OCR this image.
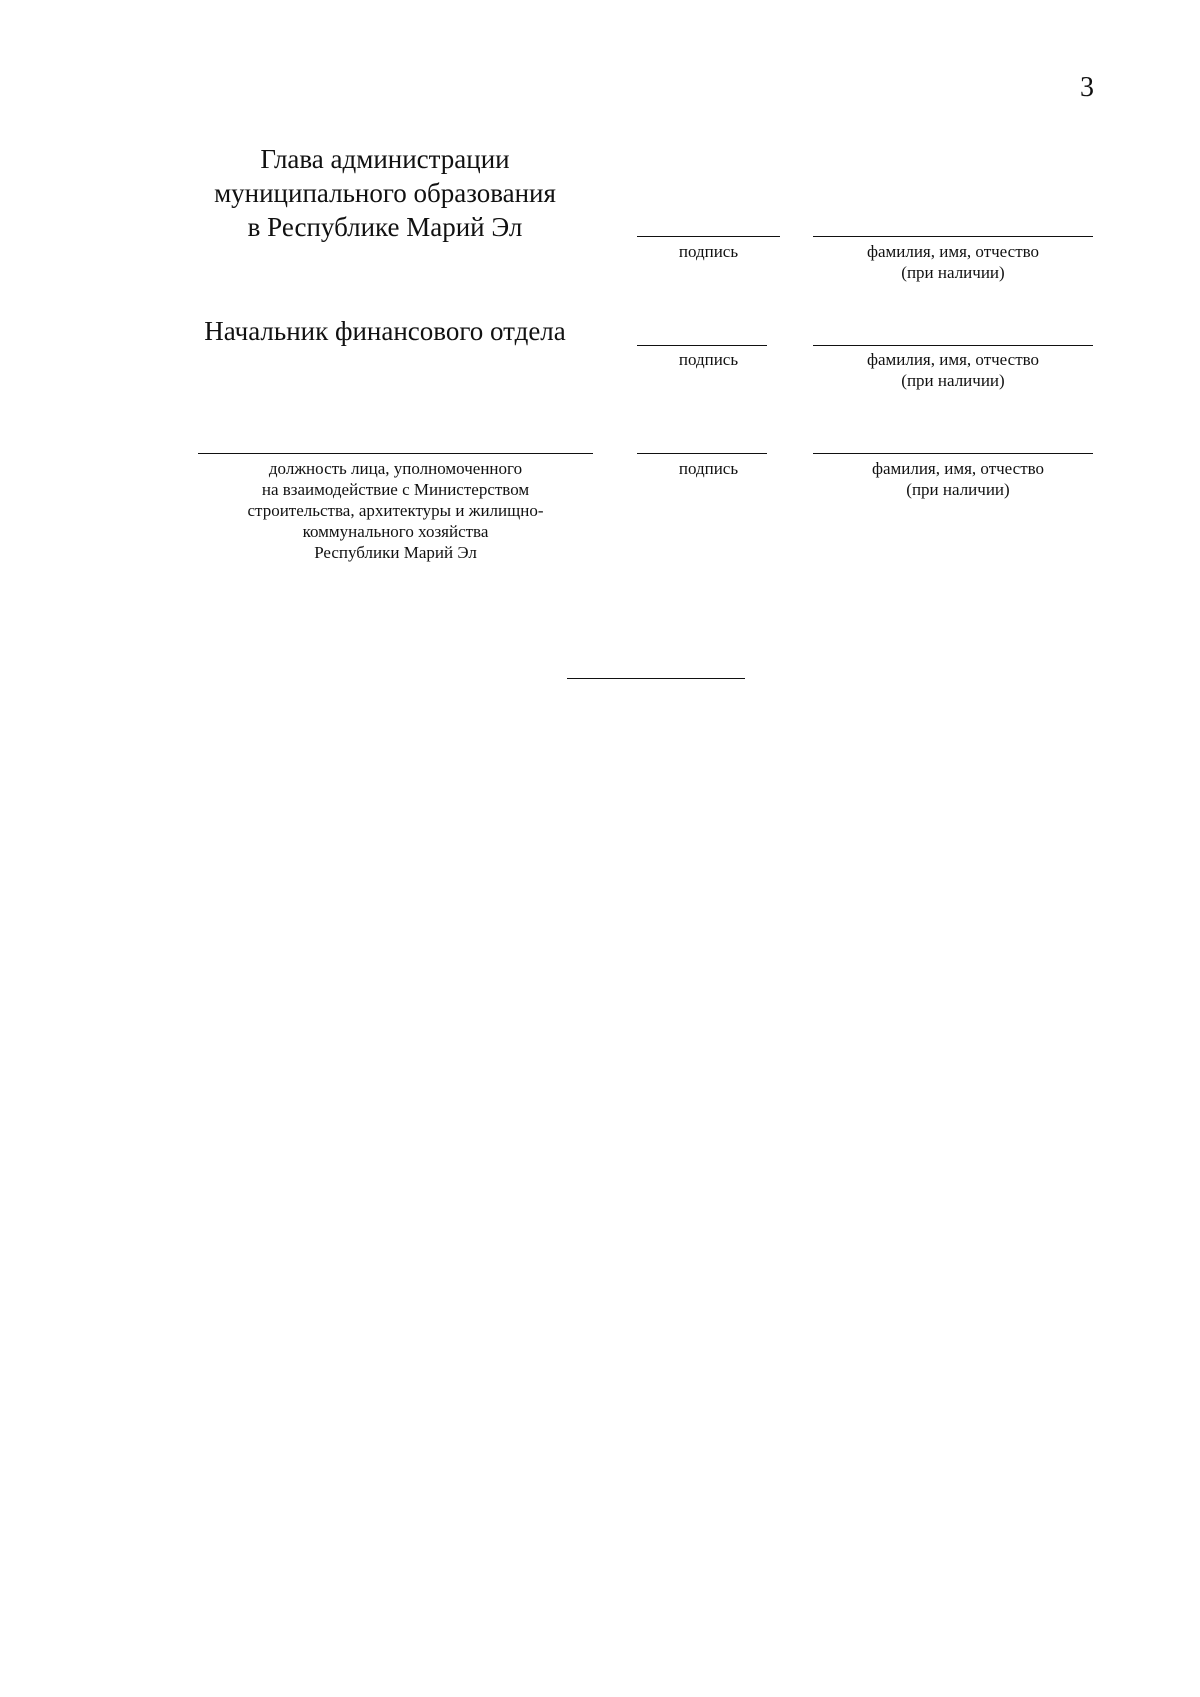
3
Глава администрации
муниципального образования
в Республике Марий Эл
подпись	фамилия, имя, отчество
(при наличии)
Начальник финансового отдела
подпись	фамилия, имя, отчество
(при наличии)
должность лица, уполномоченного
на взаимодействие с Министерством
строительства, архитектуры и жилищно-
коммунального хозяйства
Республики Марий Эл
подпись	фамилия, имя, отчество
(при наличии)
